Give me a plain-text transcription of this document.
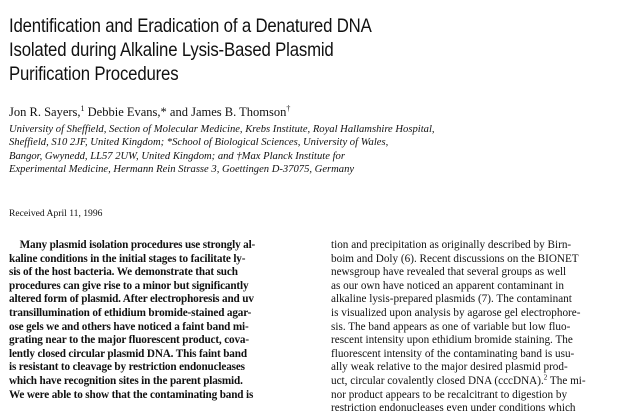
Identification and Eradication of a Denatured DNA
Isolated during Alkaline Lysis-Based Plasmid
Purification Procedures

Jon R. Sayers,$^1$ Debbie Evans,* and James B. Thomson†

University of Sheffield, Section of Molecular Medicine, Krebs Institute, Royal Hallamshire Hospital,
Sheffield, S10 2JF, United Kingdom; *School of Biological Sciences, University of Wales,
Bangor, Gwynedd, LL57 2UW, United Kingdom; and †Max Planck Institute for
Experimental Medicine, Hermann Rein Strasse 3, Goettingen D-37075, Germany

Received April 11, 1996

Many plasmid isolation procedures use strongly al-
kaline conditions in the initial stages to facilitate ly-
sis of the host bacteria. We demonstrate that such
procedures can give rise to a minor but significantly
altered form of plasmid. After electrophoresis and uv
transillumination of ethidium bromide-stained agar-
ose gels we and others have noticed a faint band mi-
grating near to the major fluorescent product, cova-
lently closed circular plasmid DNA. This faint band
is resistant to cleavage by restriction endonucleases
which have recognition sites in the parent plasmid.
We were able to show that the contaminating band is
tion and precipitation as originally described by Birn-
boim and Doly (6). Recent discussions on the BIONET
newsgroup have revealed that several groups as well
as our own have noticed an apparent contaminant in
alkaline lysis-prepared plasmids (7). The contaminant
is visualized upon analysis by agarose gel electrophore-
sis. The band appears as one of variable but low fluo-
rescent intensity upon ethidium bromide staining. The
fluorescent intensity of the contaminating band is usu-
ally weak relative to the major desired plasmid prod-
uct, circular covalently closed DNA (cccDNA).$^2$ The mi-
nor product appears to be recalcitrant to digestion by
restriction endonucleases even under conditions which
